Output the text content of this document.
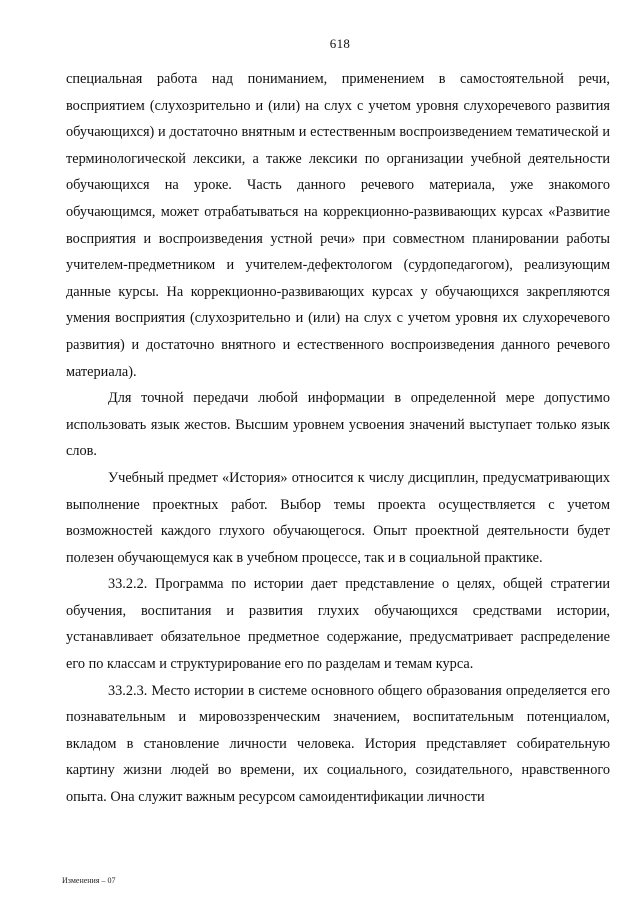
618

специальная работа над пониманием, применением в самостоятельной речи, восприятием (слухозрительно и (или) на слух с учетом уровня слухоречевого развития обучающихся) и достаточно внятным и естественным воспроизведением тематической и терминологической лексики, а также лексики по организации учебной деятельности обучающихся на уроке. Часть данного речевого материала, уже знакомого обучающимся, может отрабатываться на коррекционно-развивающих курсах «Развитие восприятия и воспроизведения устной речи» при совместном планировании работы учителем-предметником и учителем-дефектологом (сурдопедагогом), реализующим данные курсы. На коррекционно-развивающих курсах у обучающихся закрепляются умения восприятия (слухозрительно и (или) на слух с учетом уровня их слухоречевого развития) и достаточно внятного и естественного воспроизведения данного речевого материала).

Для точной передачи любой информации в определенной мере допустимо использовать язык жестов. Высшим уровнем усвоения значений выступает только язык слов.

Учебный предмет «История» относится к числу дисциплин, предусматривающих выполнение проектных работ. Выбор темы проекта осуществляется с учетом возможностей каждого глухого обучающегося. Опыт проектной деятельности будет полезен обучающемуся как в учебном процессе, так и в социальной практике.

33.2.2. Программа по истории дает представление о целях, общей стратегии обучения, воспитания и развития глухих обучающихся средствами истории, устанавливает обязательное предметное содержание, предусматривает распределение его по классам и структурирование его по разделам и темам курса.

33.2.3. Место истории в системе основного общего образования определяется его познавательным и мировоззренческим значением, воспитательным потенциалом, вкладом в становление личности человека. История представляет собирательную картину жизни людей во времени, их социального, созидательного, нравственного опыта. Она служит важным ресурсом самоидентификации личности

Изменения – 07
